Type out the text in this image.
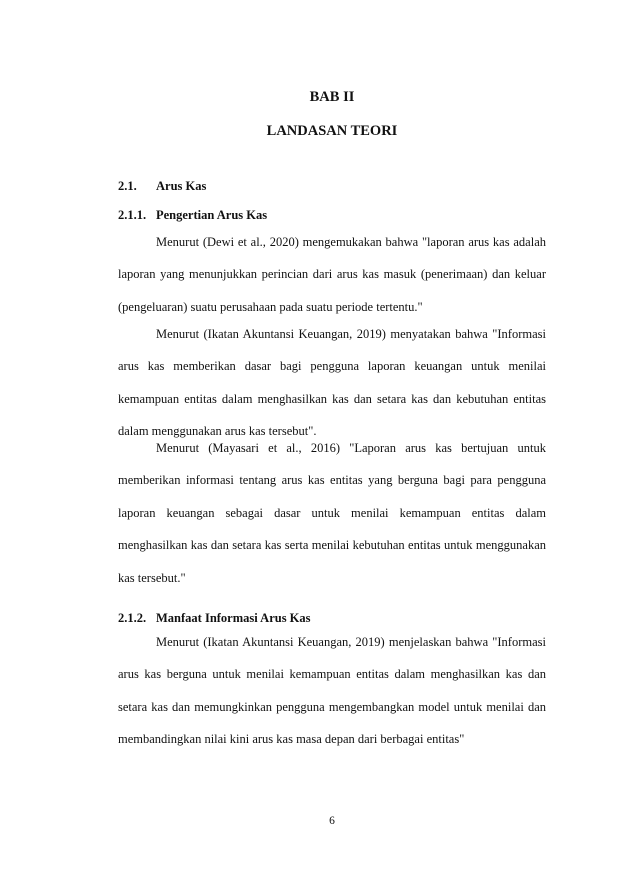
BAB II
LANDASAN TEORI
2.1. Arus Kas
2.1.1. Pengertian Arus Kas

Menurut (Dewi et al., 2020) mengemukakan bahwa "laporan arus kas adalah laporan yang menunjukkan perincian dari arus kas masuk (penerimaan) dan keluar (pengeluaran) suatu perusahaan pada suatu periode tertentu."

Menurut (Ikatan Akuntansi Keuangan, 2019) menyatakan bahwa "Informasi arus kas memberikan dasar bagi pengguna laporan keuangan untuk menilai kemampuan entitas dalam menghasilkan kas dan setara kas dan kebutuhan entitas dalam menggunakan arus kas tersebut".

Menurut (Mayasari et al., 2016) "Laporan arus kas bertujuan untuk memberikan informasi tentang arus kas entitas yang berguna bagi para pengguna laporan keuangan sebagai dasar untuk menilai kemampuan entitas dalam menghasilkan kas dan setara kas serta menilai kebutuhan entitas untuk menggunakan kas tersebut."

2.1.2. Manfaat Informasi Arus Kas

Menurut (Ikatan Akuntansi Keuangan, 2019) menjelaskan bahwa "Informasi arus kas berguna untuk menilai kemampuan entitas dalam menghasilkan kas dan setara kas dan memungkinkan pengguna mengembangkan model untuk menilai dan membandingkan nilai kini arus kas masa depan dari berbagai entitas"

6
